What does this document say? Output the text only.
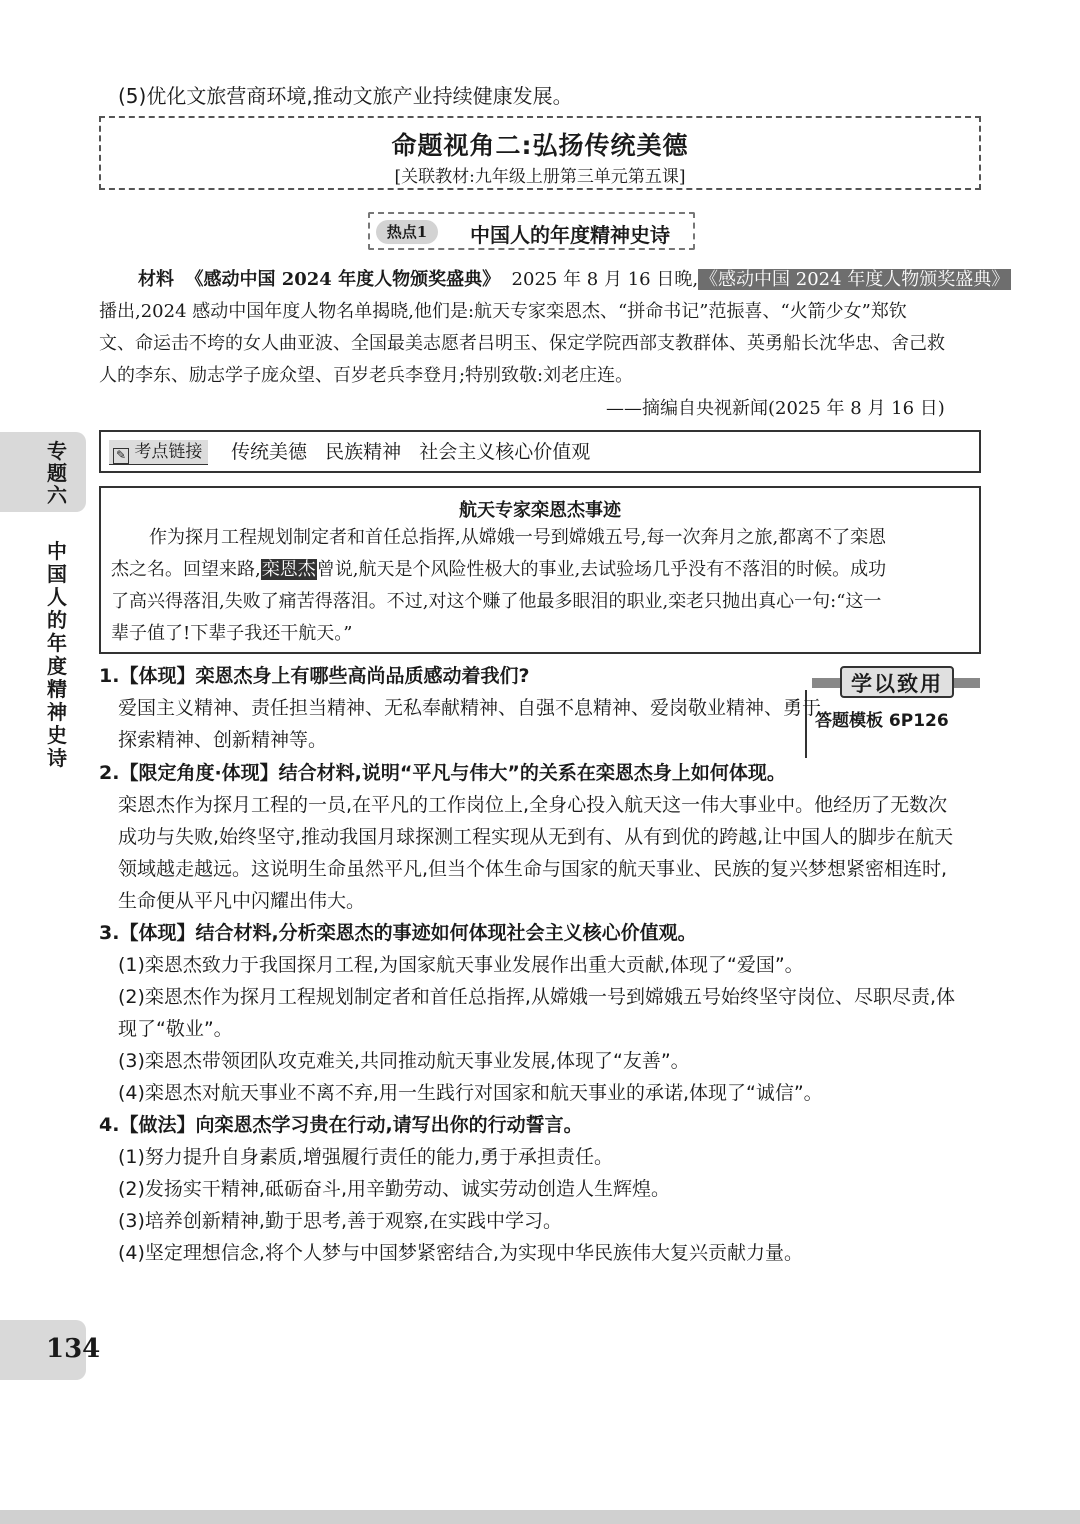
(5)优化文旅营商环境,推动文旅产业持续健康发展。
命题视角二:弘扬传统美德
[关联教材:九年级上册第三单元第五课]
热点1	中国人的年度精神史诗
材料 《感动中国 2024 年度人物颁奖盛典》 2025 年 8 月 16 日晚, 《感动中国 2024 年度人物颁奖盛典》
播出,2024 感动中国年度人物名单揭晓,他们是:航天专家栾恩杰、“拼命书记”范振喜、“火箭少女”郑钦
文、命运击不垮的女人曲亚波、全国最美志愿者吕明玉、保定学院西部支教群体、英勇船长沈华忠、舍己救
人的李东、励志学子庞众望、百岁老兵李登月;特别致敬:刘老庄连。
——摘编自央视新闻(2025 年 8 月 16 日)
✎ 考点链接	传统美德   民族精神   社会主义核心价值观
航天专家栾恩杰事迹
作为探月工程规划制定者和首任总指挥,从嫦娥一号到嫦娥五号,每一次奔月之旅,都离不了栾恩
杰之名。回望来路,栾恩杰曾说,航天是个风险性极大的事业,去试验场几乎没有不落泪的时候。成功
了高兴得落泪,失败了痛苦得落泪。不过,对这个赚了他最多眼泪的职业,栾老只抛出真心一句:“这一
辈子值了!下辈子我还干航天。”
专
题
六
中
国
人
的
年
度
精
神
史
诗
134
学以致用
答题模板 6P126
1.【体现】栾恩杰身上有哪些高尚品质感动着我们?
爱国主义精神、责任担当精神、无私奉献精神、自强不息精神、爱岗敬业精神、勇于
探索精神、创新精神等。
2.【限定角度·体现】结合材料,说明“平凡与伟大”的关系在栾恩杰身上如何体现。
栾恩杰作为探月工程的一员,在平凡的工作岗位上,全身心投入航天这一伟大事业中。他经历了无数次
成功与失败,始终坚守,推动我国月球探测工程实现从无到有、从有到优的跨越,让中国人的脚步在航天
领域越走越远。这说明生命虽然平凡,但当个体生命与国家的航天事业、民族的复兴梦想紧密相连时,
生命便从平凡中闪耀出伟大。
3.【体现】结合材料,分析栾恩杰的事迹如何体现社会主义核心价值观。
(1)栾恩杰致力于我国探月工程,为国家航天事业发展作出重大贡献,体现了“爱国”。
(2)栾恩杰作为探月工程规划制定者和首任总指挥,从嫦娥一号到嫦娥五号始终坚守岗位、尽职尽责,体
现了“敬业”。
(3)栾恩杰带领团队攻克难关,共同推动航天事业发展,体现了“友善”。
(4)栾恩杰对航天事业不离不弃,用一生践行对国家和航天事业的承诺,体现了“诚信”。
4.【做法】向栾恩杰学习贵在行动,请写出你的行动誓言。
(1)努力提升自身素质,增强履行责任的能力,勇于承担责任。
(2)发扬实干精神,砥砺奋斗,用辛勤劳动、诚实劳动创造人生辉煌。
(3)培养创新精神,勤于思考,善于观察,在实践中学习。
(4)坚定理想信念,将个人梦与中国梦紧密结合,为实现中华民族伟大复兴贡献力量。
